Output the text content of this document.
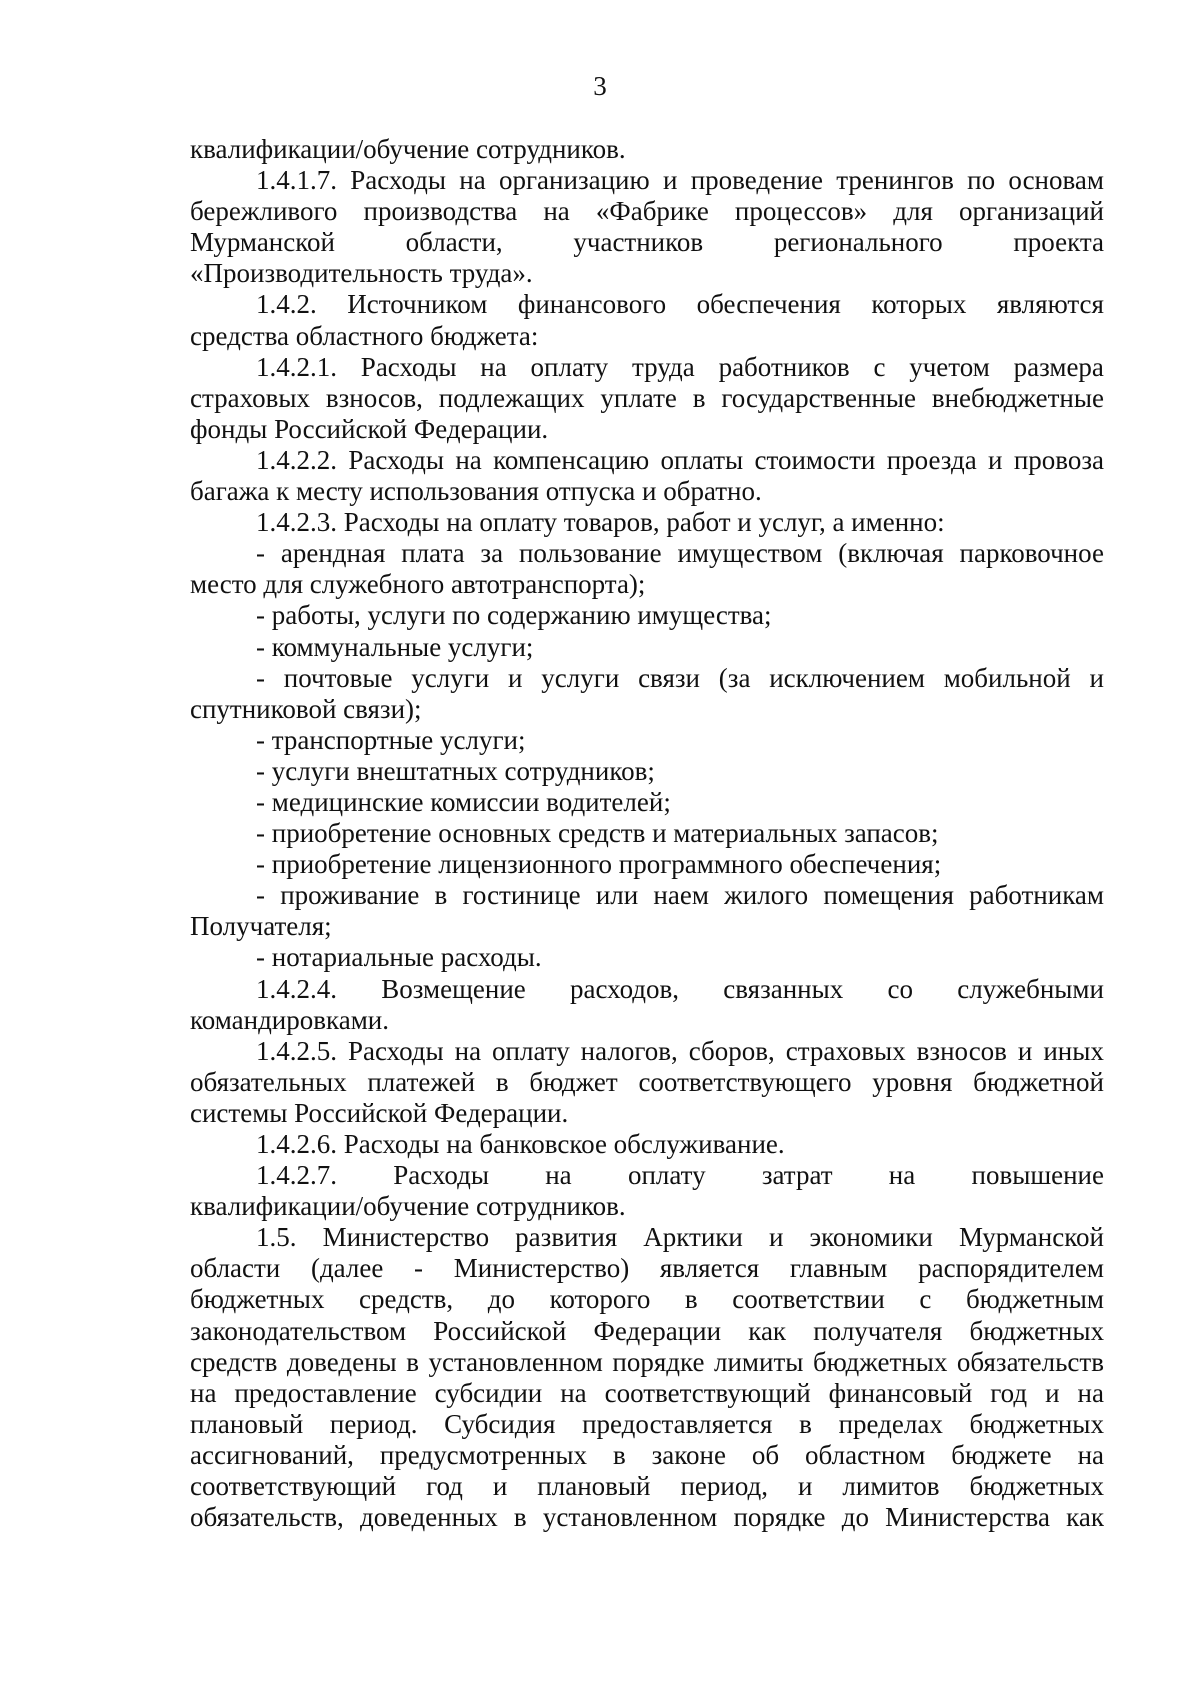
3
квалификации/обучение сотрудников.
1.4.1.7. Расходы на организацию и проведение тренингов по основам
бережливого производства на «Фабрике процессов» для организаций
Мурманской	области,	участников	регионального	проекта
«Производительность труда».
1.4.2. Источником финансового обеспечения которых являются
средства областного бюджета:
1.4.2.1. Расходы на оплату труда работников с учетом размера
страховых взносов, подлежащих уплате в государственные внебюджетные
фонды Российской Федерации.
1.4.2.2. Расходы на компенсацию оплаты стоимости проезда и провоза
багажа к месту использования отпуска и обратно.
1.4.2.3. Расходы на оплату товаров, работ и услуг, а именно:
- арендная плата за пользование имуществом (включая парковочное
место для служебного автотранспорта);
- работы, услуги по содержанию имущества;
- коммунальные услуги;
- почтовые услуги и услуги связи (за исключением мобильной и
спутниковой связи);
- транспортные услуги;
- услуги внештатных сотрудников;
- медицинские комиссии водителей;
- приобретение основных средств и материальных запасов;
- приобретение лицензионного программного обеспечения;
- проживание в гостинице или наем жилого помещения работникам
Получателя;
- нотариальные расходы.
1.4.2.4. Возмещение расходов, связанных со служебными
командировками.
1.4.2.5. Расходы на оплату налогов, сборов, страховых взносов и иных
обязательных платежей в бюджет соответствующего уровня бюджетной
системы Российской Федерации.
1.4.2.6. Расходы на банковское обслуживание.
1.4.2.7. Расходы на оплату затрат на повышение
квалификации/обучение сотрудников.
1.5. Министерство развития Арктики и экономики Мурманской
области (далее - Министерство) является главным распорядителем
бюджетных средств, до которого в соответствии с бюджетным
законодательством Российской Федерации как получателя бюджетных
средств доведены в установленном порядке лимиты бюджетных обязательств
на предоставление субсидии на соответствующий финансовый год и на
плановый период. Субсидия предоставляется в пределах бюджетных
ассигнований, предусмотренных в законе об областном бюджете на
соответствующий год и плановый период, и лимитов бюджетных
обязательств, доведенных в установленном порядке до Министерства как
